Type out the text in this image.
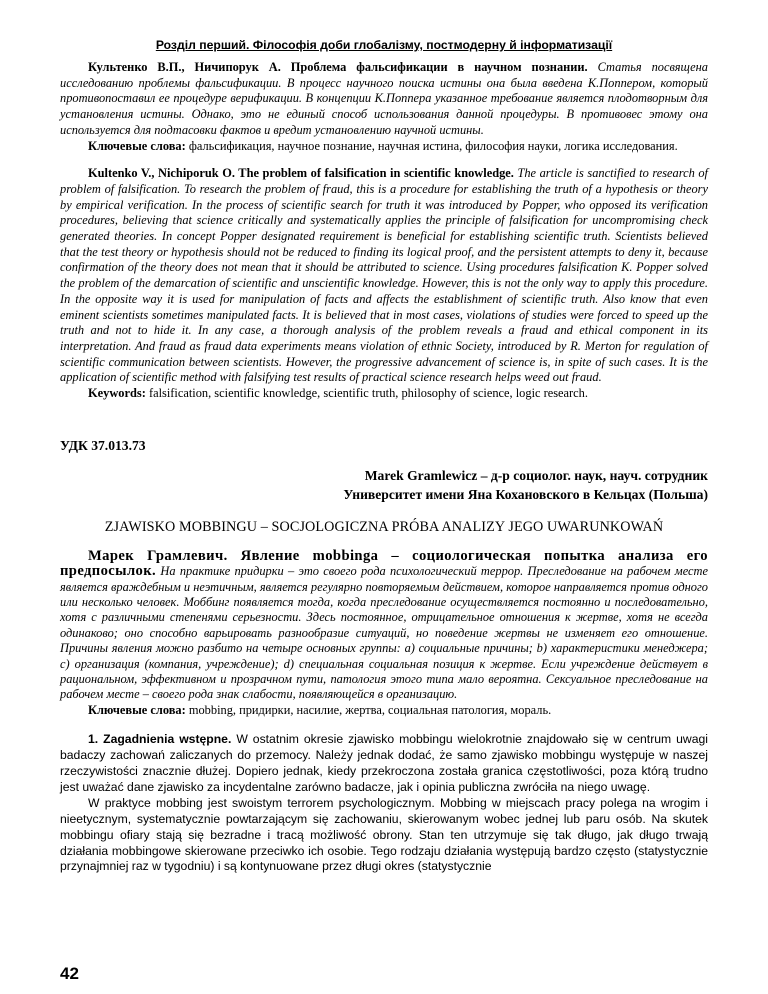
Розділ перший. Філософія доби глобалізму, постмодерну й інформатизації

Культенко В.П., Ничипорук А. Проблема фальсификации в научном познании. Статья посвящена исследованию проблемы фальсификации. В процесс научного поиска истины она была введена К.Поппером, который противопоставил ее процедуре верификации. В концепции К.Поппера указанное требование является плодотворным для установления истины. Однако, это не единый способ использования данной процедуры. В противовес этому она используется для подтасовки фактов и вредит установлению научной истины.

Ключевые слова: фальсификация, научное познание, научная истина, философия науки, логика исследования.

Kultenko V., Nichiporuk O. The problem of falsification in scientific knowledge. The article is sanctified to research of problem of falsification. To research the problem of fraud, this is a procedure for establishing the truth of a hypothesis or theory by empirical verification. In the process of scientific search for truth it was introduced by Popper, who opposed its verification procedures, believing that science critically and systematically applies the principle of falsification for uncompromising check generated theories. In concept Popper designated requirement is beneficial for establishing scientific truth. Scientists believed that the test theory or hypothesis should not be reduced to finding its logical proof, and the persistent attempts to deny it, because confirmation of the theory does not mean that it should be attributed to science. Using procedures falsification K. Popper solved the problem of the demarcation of scientific and unscientific knowledge. However, this is not the only way to apply this procedure. In the opposite way it is used for manipulation of facts and affects the establishment of scientific truth. Also know that even eminent scientists sometimes manipulated facts. It is believed that in most cases, violations of studies were forced to speed up the truth and not to hide it. In any case, a thorough analysis of the problem reveals a fraud and ethical component in its interpretation. And fraud as fraud data experiments means violation of ethnic Society, introduced by R. Merton for regulation of scientific communication between scientists. However, the progressive advancement of science is, in spite of such cases. It is the application of scientific method with falsifying test results of practical science research helps weed out fraud.

Keywords: falsification, scientific knowledge, scientific truth, philosophy of science, logic research.

УДК 37.013.73

Marek Gramlewicz – д-р социолог. наук, науч. сотрудник
Университет имени Яна Кохановского в Кельцах (Польша)
ZJAWISKO MOBBINGU – SOCJOLOGICZNA PRÓBA ANALIZY JEGO UWARUNKOWAŃ

Марек Грамлевич. Явление mobbinga – социологическая попытка анализа его предпосылок. На практике придирки – это своего рода психологический террор. Преследование на рабочем месте является враждебным и неэтичным, является регулярно повторяемым действием, которое направляется против одного или несколько человек. Моббинг появляется тогда, когда преследование осуществляется постоянно и последовательно, хотя с различными степенями серьезности. Здесь постоянное, отрицательное отношения к жертве, хотя не всегда одинаково; оно способно варьировать разнообразие ситуаций, но поведение жертвы не изменяет его отношение. Причины явления можно разбито на четыре основных группы: a) социальные причины; b) характеристики менеджера; c) организация (компания, учреждение); d) специальная социальная позиция к жертве. Если учреждение действует в рациональном, эффективном и прозрачном пути, патология этого типа мало вероятна. Сексуальное преследование на рабочем месте – своего рода знак слабости, появляющейся в организацию.

Ключевые слова: mobbing, придирки, насилие, жертва, социальная патология, мораль.

1. Zagadnienia wstępne. W ostatnim okresie zjawisko mobbingu wielokrotnie znajdowało się w centrum uwagi badaczy zachowań zaliczanych do przemocy. Należy jednak dodać, że samo zjawisko mobbingu występuje w naszej rzeczywistości znacznie dłużej. Dopiero jednak, kiedy przekroczona została granica częstotliwości, poza którą trudno jest uważać dane zjawisko za incydentalne zarówno badacze, jak i opinia publiczna zwróciła na niego uwagę.

W praktyce mobbing jest swoistym terrorem psychologicznym. Mobbing w miejscach pracy polega na wrogim i nieetycznym, systematycznie powtarzającym się zachowaniu, skierowanym wobec jednej lub paru osób. Na skutek mobbingu ofiary stają się bezradne i tracą możliwość obrony. Stan ten utrzymuje się tak długo, jak długo trwają działania mobbingowe skierowane przeciwko ich osobie. Tego rodzaju działania występują bardzo często (statystycznie przynajmniej raz w tygodniu) i są kontynuowane przez długi okres (statystycznie

42
